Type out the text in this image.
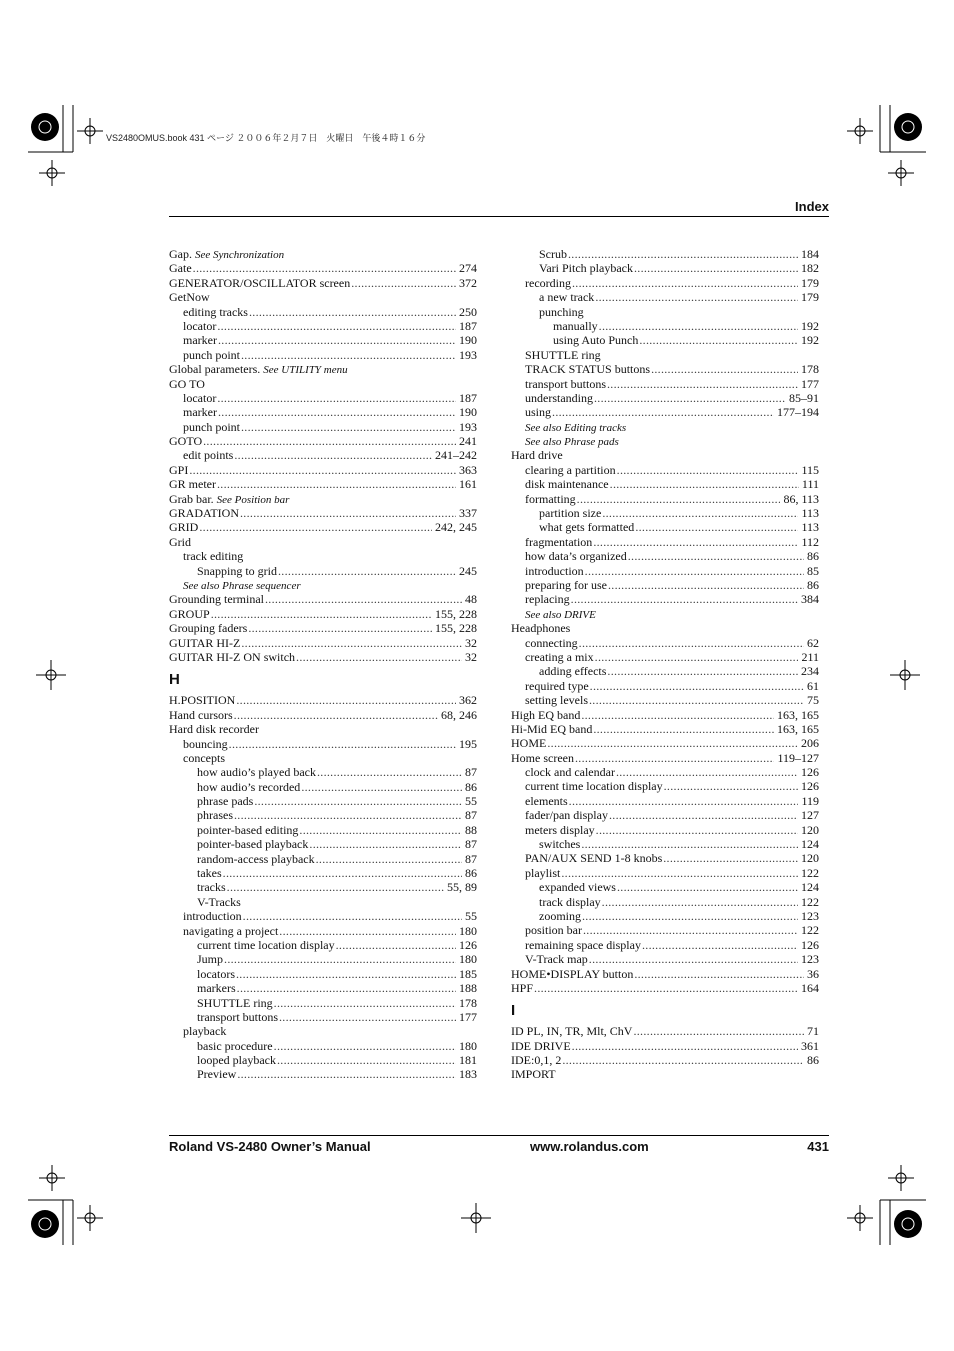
VS2480OMUS.book 431 ページ ２００６年２月７日　火曜日　午後４時１６分
Index
Gap. See Synchronization
Gate .....	274
GENERATOR/OSCILLATOR screen .....	372
GetNow
editing tracks .....	250
locator .....	187
marker .....	190
punch point .....	193
Global parameters. See UTILITY menu
GO TO
locator .....	187
marker .....	190
punch point .....	193
GOTO .....	241
edit points .....	241–242
GPI .....	363
GR meter .....	161
Grab bar. See Position bar
GRADATION .....	337
GRID .....	242, 245
Grid
track editing
Snapping to grid .....	245
See also Phrase sequencer
Grounding terminal .....	48
GROUP .....	155, 228
Grouping faders .....	155, 228
GUITAR HI-Z .....	32
GUITAR HI-Z ON switch .....	32
H
H.POSITION .....	362
Hand cursors .....	68, 246
Hard disk recorder
bouncing .....	195
concepts
how audio’s played back .....	87
how audio’s recorded .....	86
phrase pads .....	55
phrases .....	87
pointer-based editing .....	88
pointer-based playback .....	87
random-access playback .....	87
takes .....	86
tracks .....	55, 89
V-Tracks
introduction .....	55
navigating a project .....	180
current time location display .....	126
Jump .....	180
locators .....	185
markers .....	188
SHUTTLE ring .....	178
transport buttons .....	177
playback
basic procedure .....	180
looped playback .....	181
Preview .....	183
Scrub .....	184
Vari Pitch playback .....	182
recording .....	179
a new track .....	179
punching
manually .....	192
using Auto Punch .....	192
SHUTTLE ring
TRACK STATUS buttons .....	178
transport buttons .....	177
understanding .....	85–91
using .....	177–194
See also Editing tracks
See also Phrase pads
Hard drive
clearing a partition .....	115
disk maintenance .....	111
formatting .....	86, 113
partition size .....	113
what gets formatted .....	113
fragmentation .....	112
how data’s organized .....	86
introduction .....	85
preparing for use .....	86
replacing .....	384
See also DRIVE
Headphones
connecting .....	62
creating a mix .....	211
adding effects .....	234
required type .....	61
setting levels .....	75
High EQ band .....	163, 165
Hi-Mid EQ band .....	163, 165
HOME .....	206
Home screen .....	119–127
clock and calendar .....	126
current time location display .....	126
elements .....	119
fader/pan display .....	127
meters display .....	120
switches .....	124
PAN/AUX SEND 1-8 knobs .....	120
playlist .....	122
expanded views .....	124
track display .....	122
zooming .....	123
position bar .....	122
remaining space display .....	126
V-Track map .....	123
HOME•DISPLAY button .....	36
HPF .....	164
I
ID PL, IN, TR, Mlt, ChV .....	71
IDE DRIVE .....	361
IDE:0,1, 2 .....	86
IMPORT
Roland VS-2480 Owner’s Manual	www.rolandus.com	431
